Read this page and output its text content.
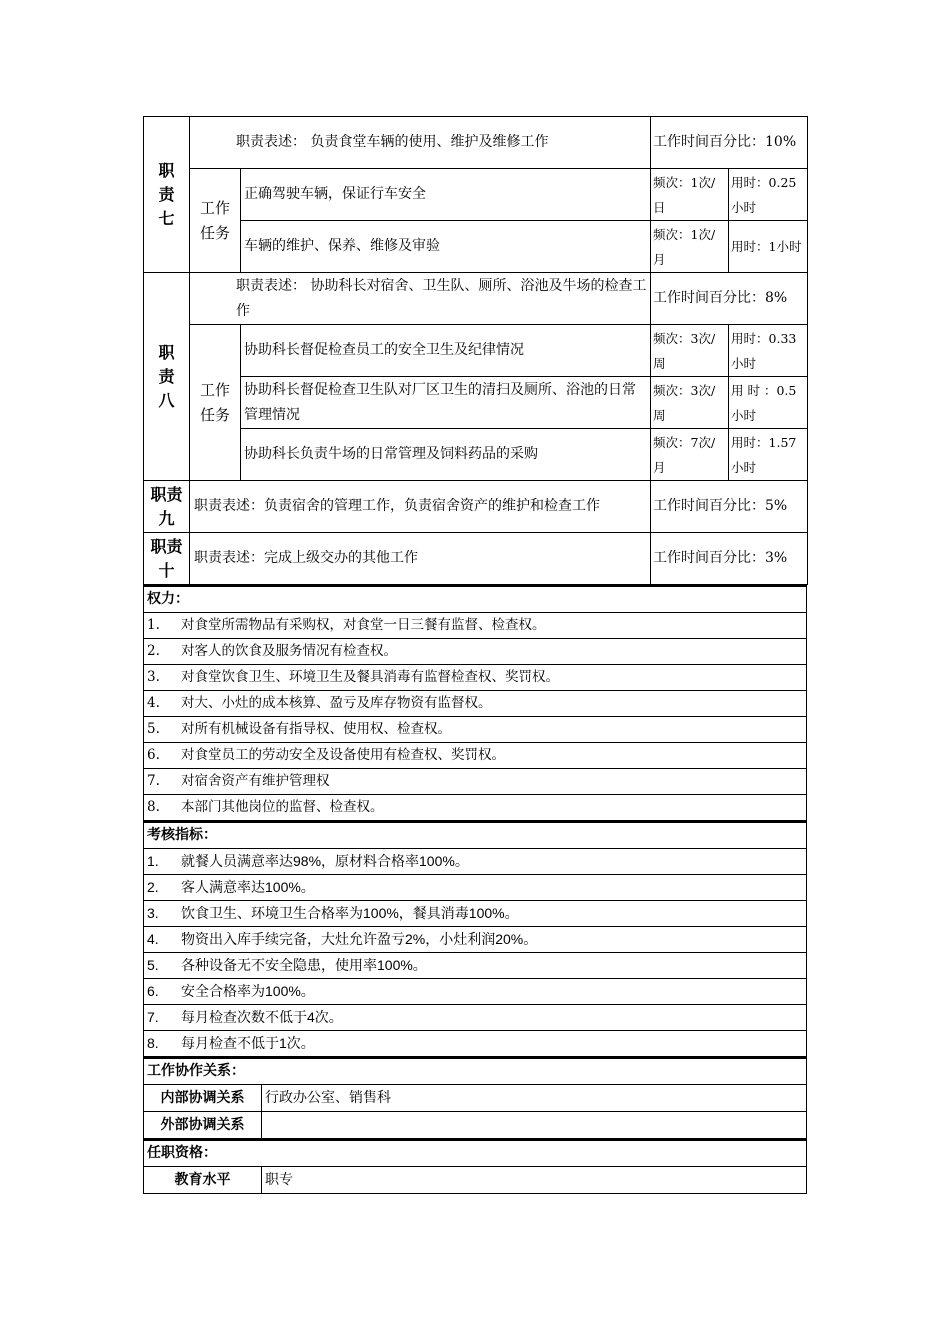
职
责
七	职责表述： 负责食堂车辆的使用、维护及维修工作		工作时间百分比：10%	
	工作
任务	正确驾驶车辆，保证行车安全	频次：1次/日	用时：0.25小时
		车辆的维护、保养、维修及审验	频次：1次/月	用时：1小时
职
责
八	职责表述： 协助科长对宿舍、卫生队、厕所、浴池及牛场的检查工作		工作时间百分比：8%	
	工作
任务	协助科长督促检查员工的安全卫生及纪律情况	频次：3次/周	用时：0.33小时
		协助科长督促检查卫生队对厂区卫生的清扫及厕所、浴池的日常管理情况	频次：3次/周	用 时 ：0.5小时
		协助科长负责牛场的日常管理及饲料药品的采购	频次：7次/月	用时：1.57小时
职责
九	职责表述：负责宿舍的管理工作，负责宿舍资产的维护和检查工作		工作时间百分比：5%	
职责
十	职责表述：完成上级交办的其他工作		工作时间百分比：3%	
权力：
1. 对食堂所需物品有采购权，对食堂一日三餐有监督、检查权。
2. 对客人的饮食及服务情况有检查权。
3. 对食堂饮食卫生、环境卫生及餐具消毒有监督检查权、奖罚权。
4. 对大、小灶的成本核算、盈亏及库存物资有监督权。
5. 对所有机械设备有指导权、使用权、检查权。
6. 对食堂员工的劳动安全及设备使用有检查权、奖罚权。
7. 对宿舍资产有维护管理权
8. 本部门其他岗位的监督、检查权。
考核指标：
1. 就餐人员满意率达98%，原材料合格率100%。
2. 客人满意率达100%。
3. 饮食卫生、环境卫生合格率为100%，餐具消毒100%。
4. 物资出入库手续完备，大灶允许盈亏2%，小灶利润20%。
5. 各种设备无不安全隐患，使用率100%。
6. 安全合格率为100%。
7. 每月检查次数不低于4次。
8. 每月检查不低于1次。
工作协作关系：	
内部协调关系	行政办公室、销售科
外部协调关系	
任职资格：
教育水平	职专
